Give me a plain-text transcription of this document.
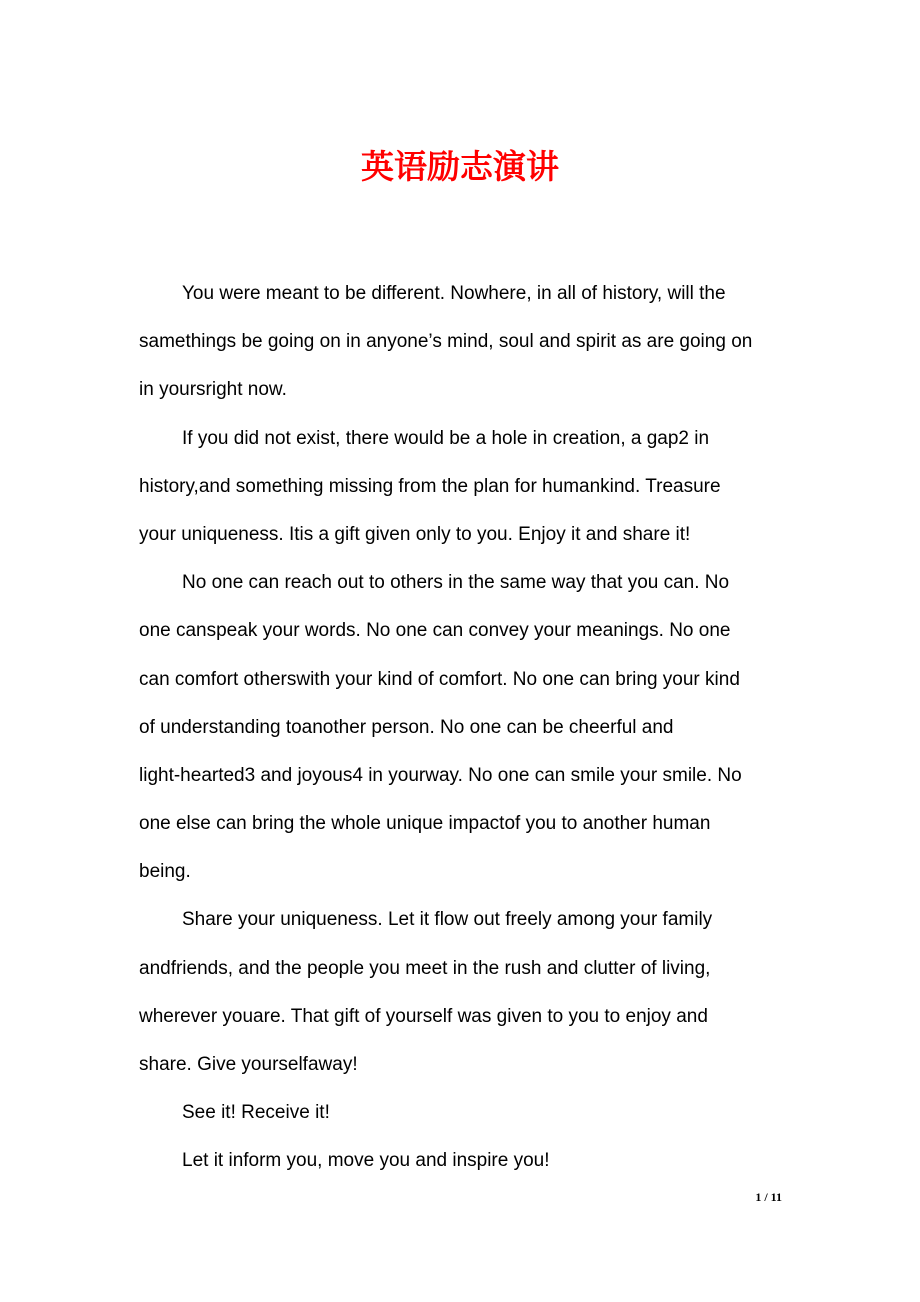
英语励志演讲

You were meant to be different. Nowhere, in all of history, will the
samethings be going on in anyone’s mind, soul and spirit as are going on
in yoursright now.

If you did not exist, there would be a hole in creation, a gap2 in
history,and something missing from the plan for humankind. Treasure
your uniqueness. Itis a gift given only to you. Enjoy it and share it!

No one can reach out to others in the same way that you can. No
one canspeak your words. No one can convey your meanings. No one
can comfort otherswith your kind of comfort. No one can bring your kind
of understanding toanother person. No one can be cheerful and
light-hearted3 and joyous4 in yourway. No one can smile your smile. No
one else can bring the whole unique impactof you to another human
being.

Share your uniqueness. Let it flow out freely among your family
andfriends, and the people you meet in the rush and clutter of living,
wherever youare. That gift of yourself was given to you to enjoy and
share. Give yourselfaway!

See it! Receive it!

Let it inform you, move you and inspire you!

1 / 11
